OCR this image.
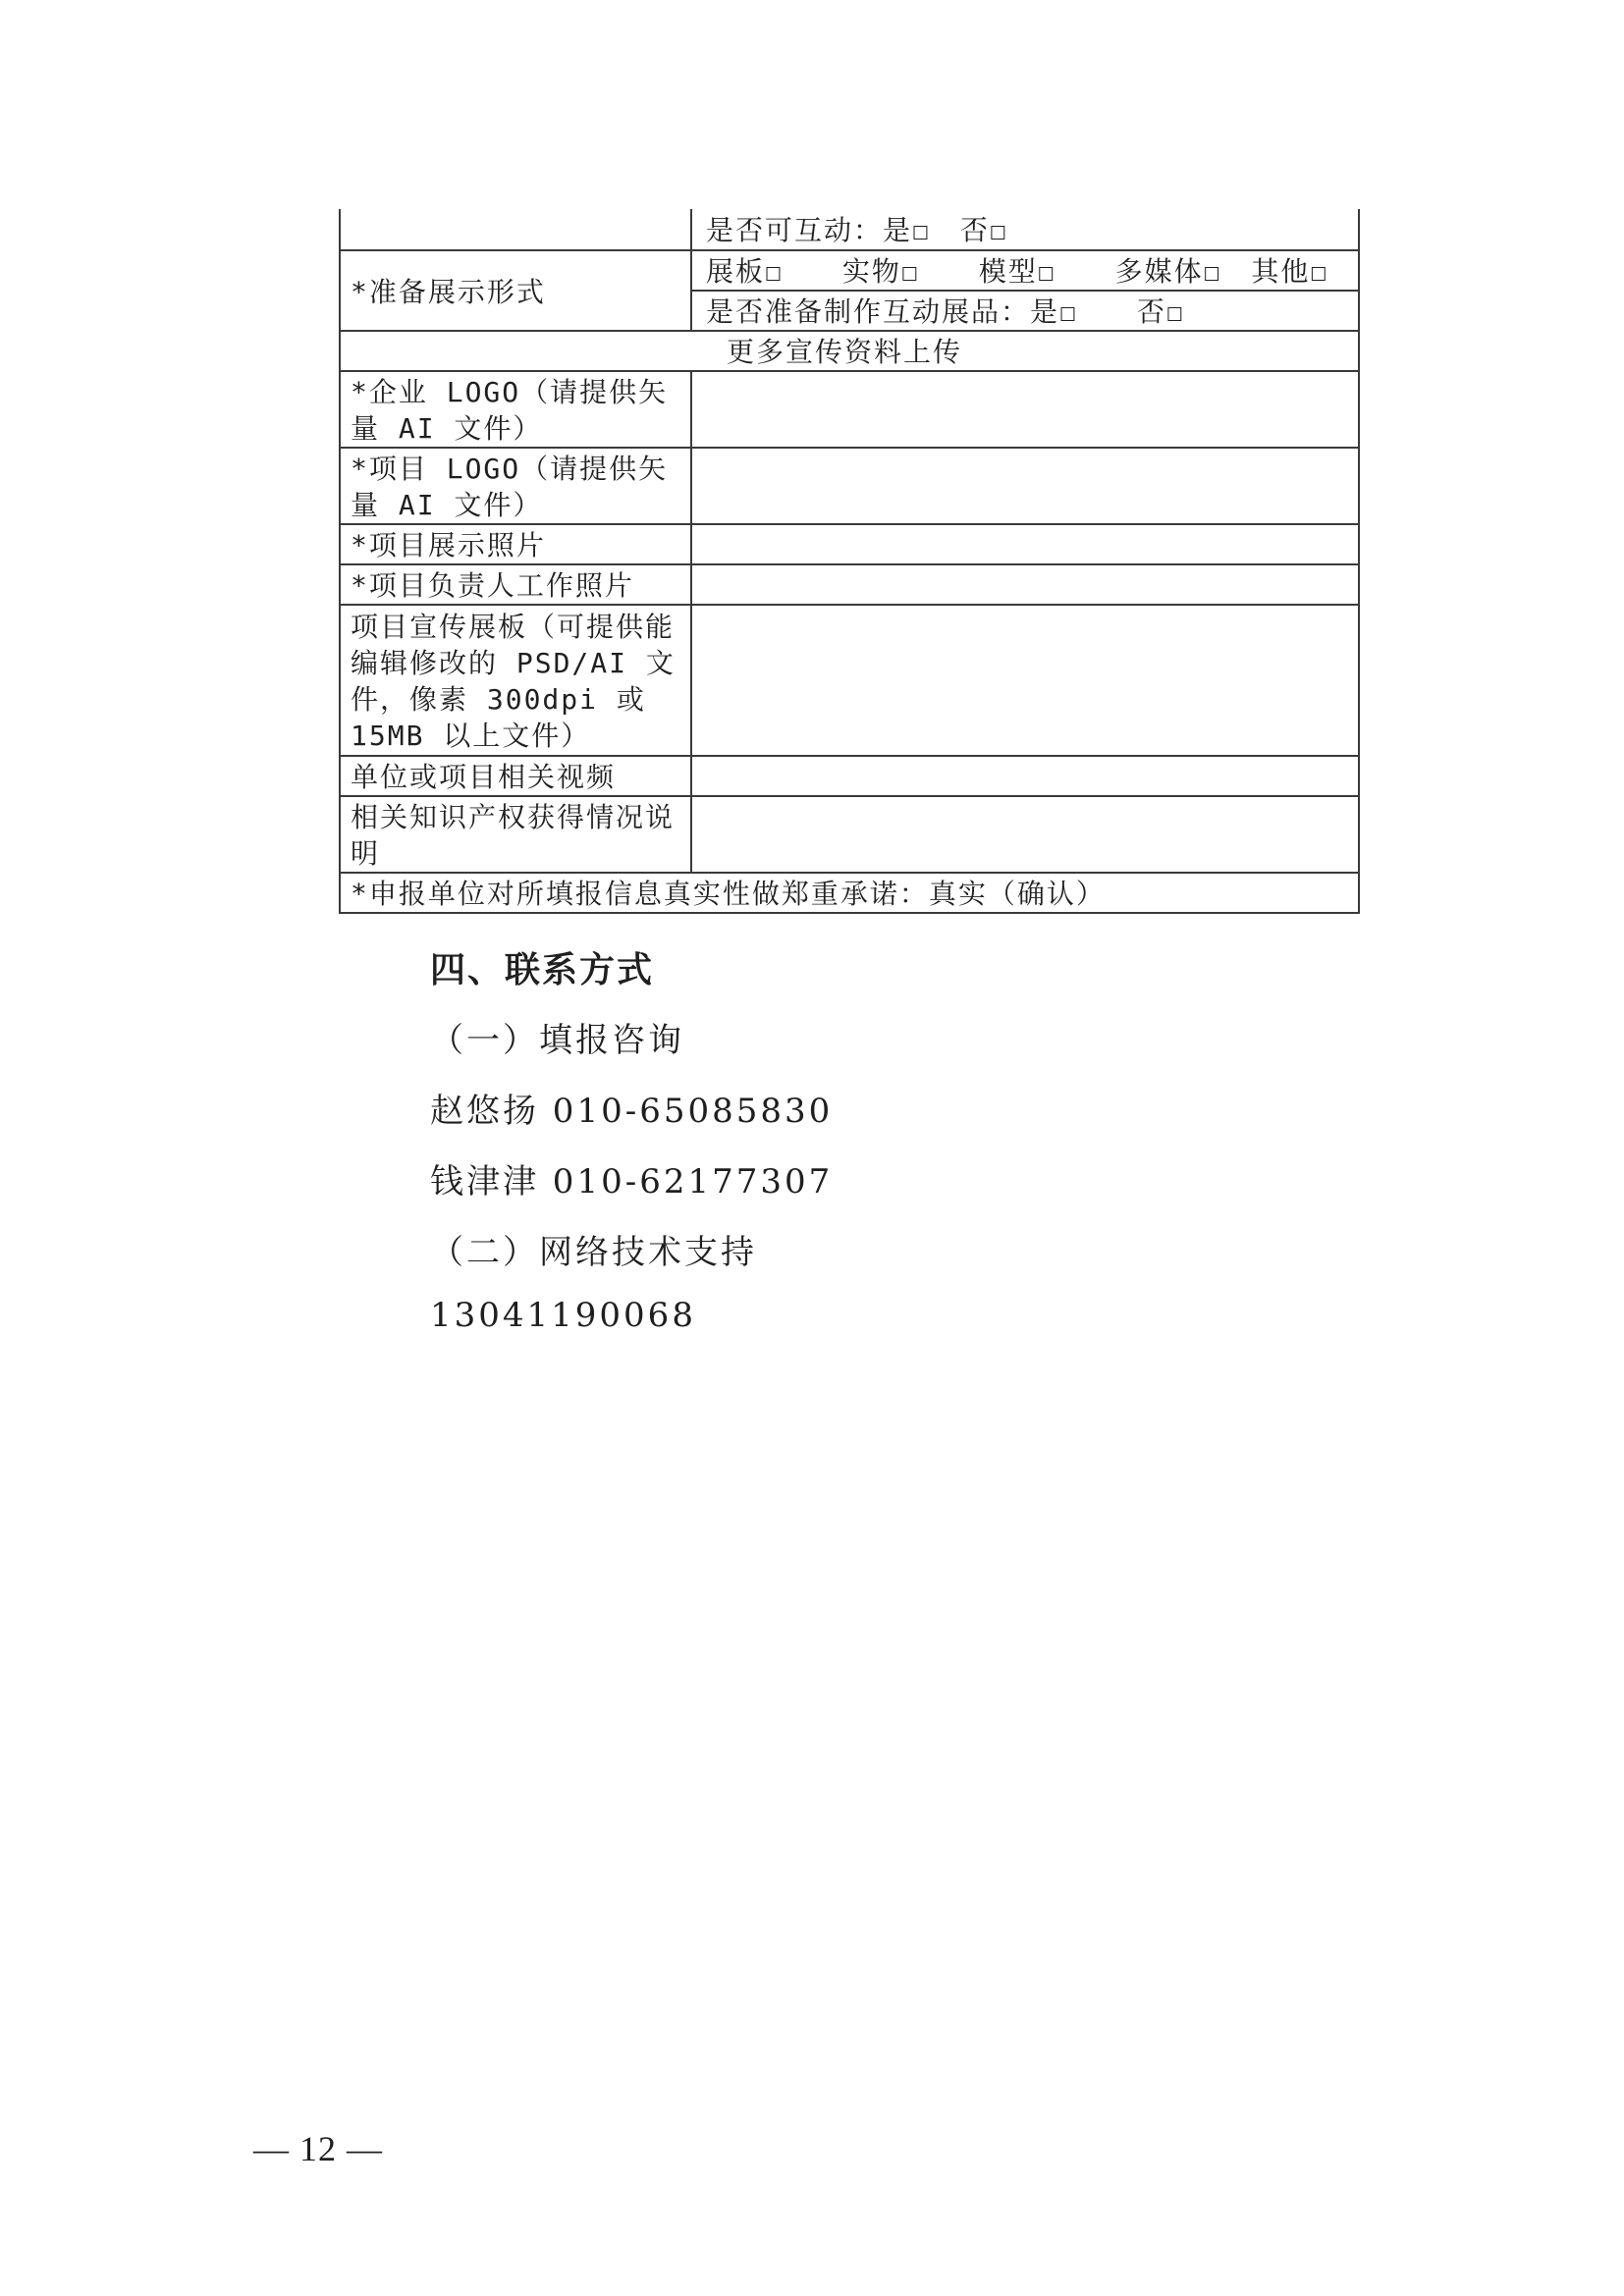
	是否可互动：是☐　否☐
*准备展示形式	展板☐　　实物☐　　模型☐　　多媒体☐　其他☐
	是否准备制作互动展品：是☐　　否☐
更多宣传资料上传	
*企业 LOGO（请提供矢量 AI 文件）	
*项目 LOGO（请提供矢量 AI 文件）	
*项目展示照片	
*项目负责人工作照片	
项目宣传展板（可提供能编辑修改的 PSD/AI 文件，像素 300dpi 或 15MB 以上文件）	
单位或项目相关视频	
相关知识产权获得情况说明	
*申报单位对所填报信息真实性做郑重承诺：真实（确认）	
四、联系方式

（一）填报咨询

赵悠扬 010-65085830

钱津津 010-62177307

（二）网络技术支持

13041190068

— 12 —
